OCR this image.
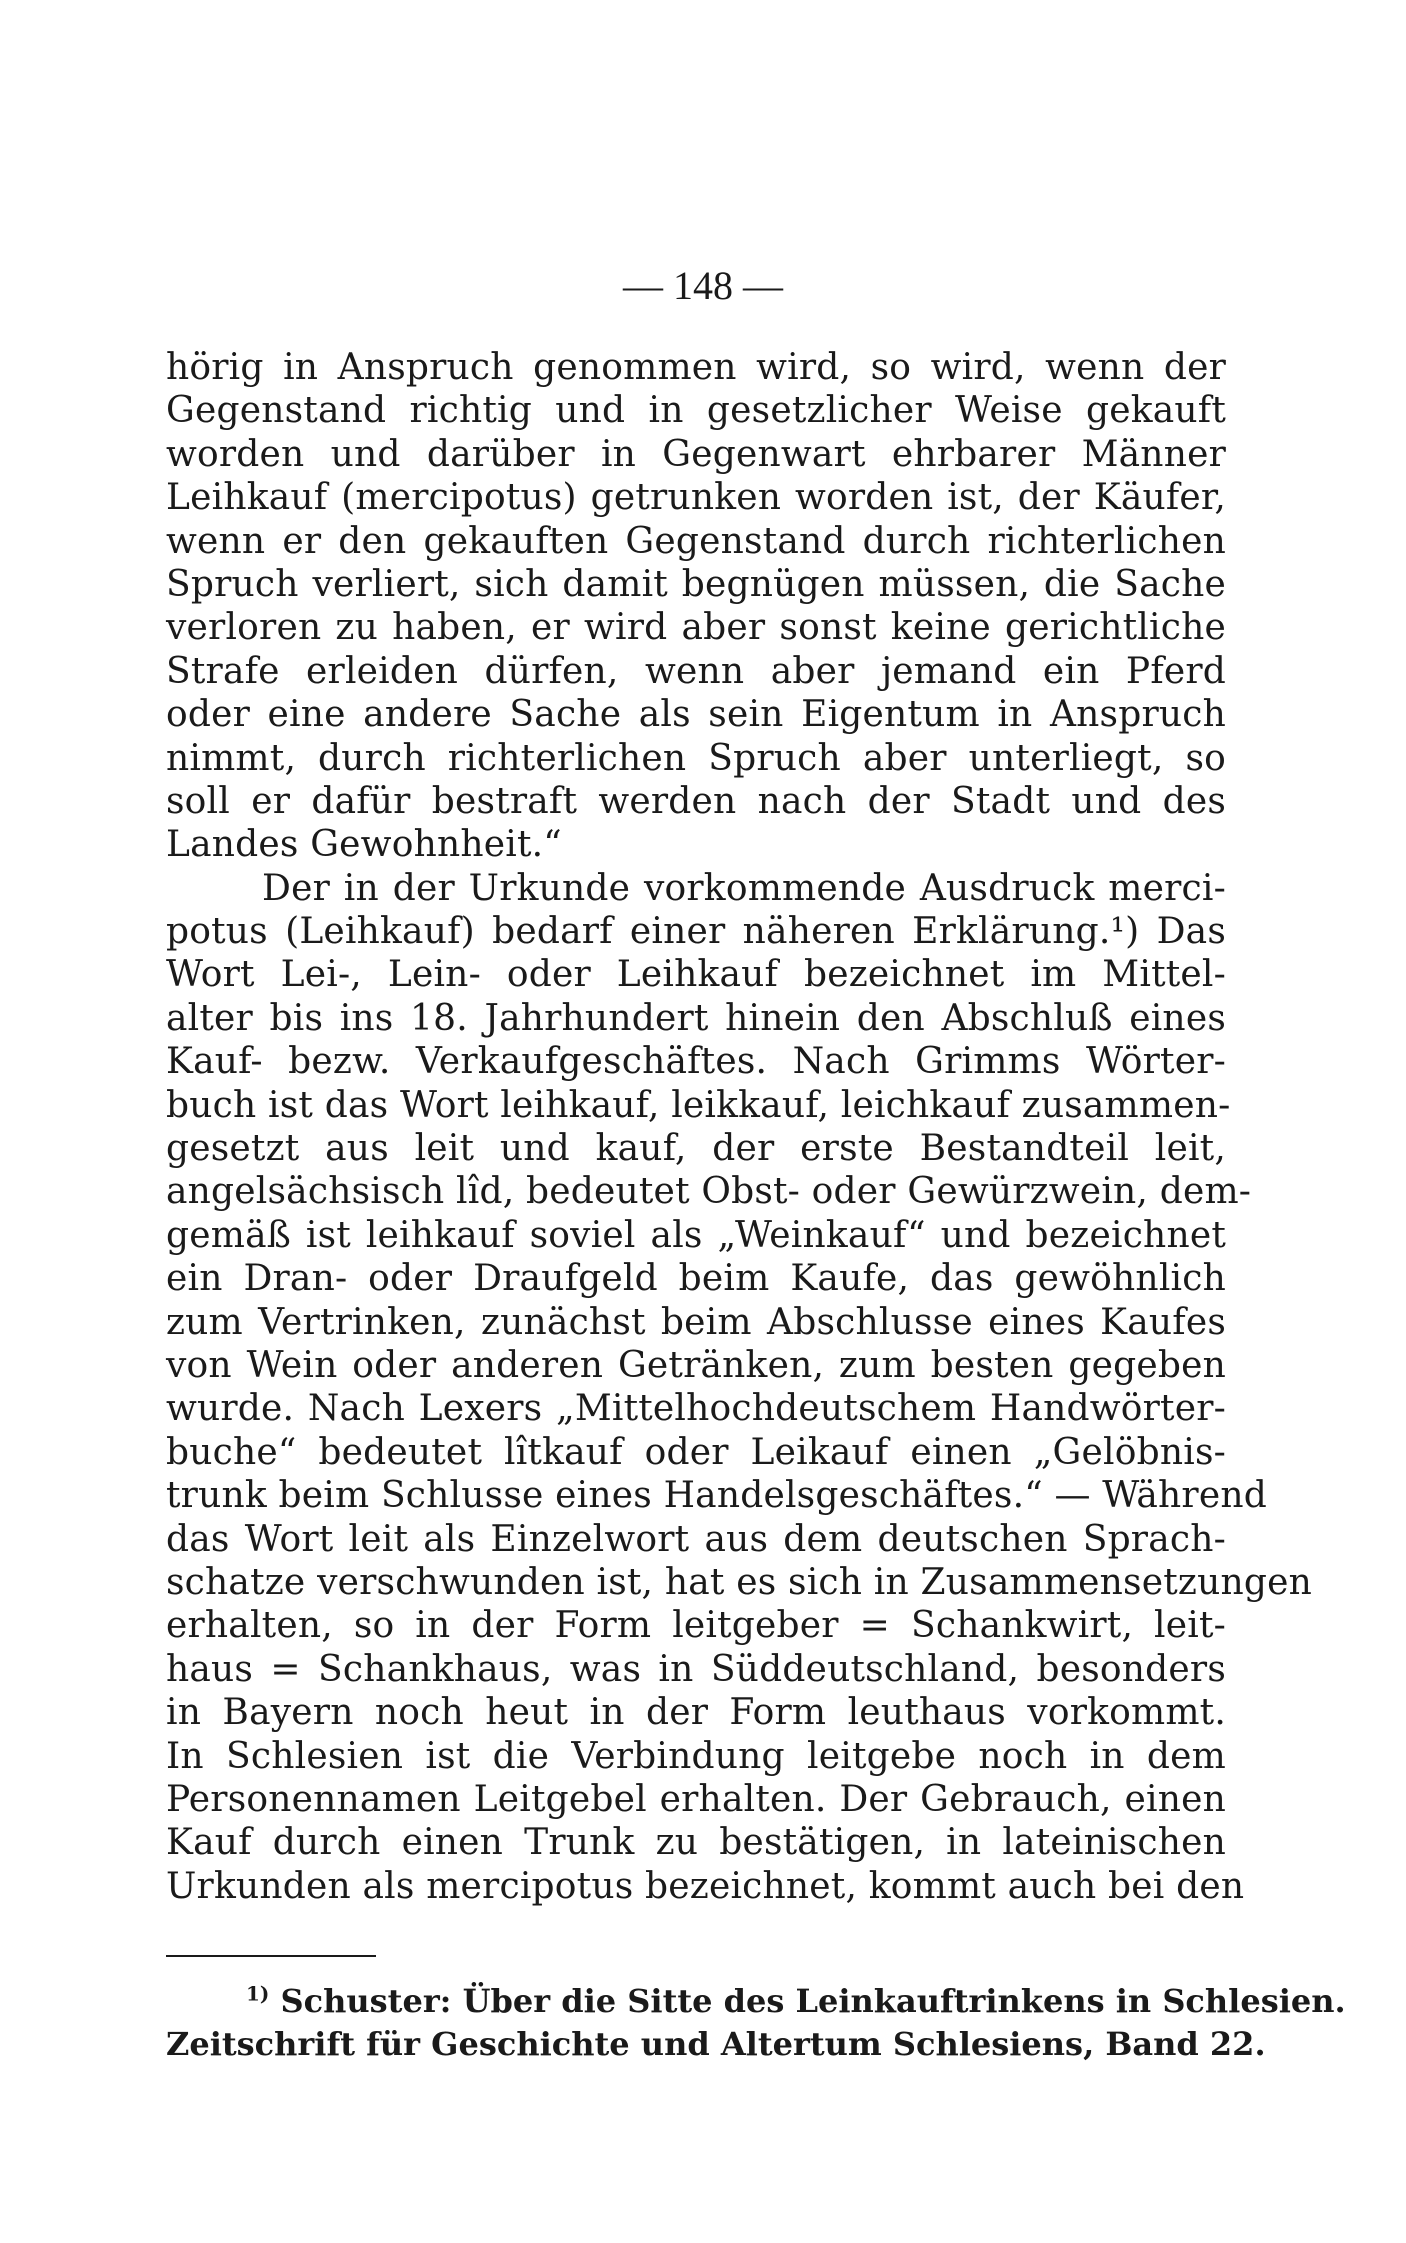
— 148 —
hörig in Anspruch genommen wird, so wird, wenn der
Gegenstand richtig und in gesetzlicher Weise gekauft
worden und darüber in Gegenwart ehrbarer Männer
Leihkauf (mercipotus) getrunken worden ist, der Käufer,
wenn er den gekauften Gegenstand durch richterlichen
Spruch verliert, sich damit begnügen müssen, die Sache
verloren zu haben, er wird aber sonst keine gerichtliche
Strafe erleiden dürfen, wenn aber jemand ein Pferd
oder eine andere Sache als sein Eigentum in Anspruch
nimmt, durch richterlichen Spruch aber unterliegt, so
soll er dafür bestraft werden nach der Stadt und des
Landes Gewohnheit.“
Der in der Urkunde vorkommende Ausdruck merci-
potus (Leihkauf) bedarf einer näheren Erklärung.¹) Das
Wort Lei-, Lein- oder Leihkauf bezeichnet im Mittel-
alter bis ins 18. Jahrhundert hinein den Abschluß eines
Kauf- bezw. Verkaufgeschäftes. Nach Grimms Wörter-
buch ist das Wort leihkauf, leikkauf, leichkauf zusammen-
gesetzt aus leit und kauf, der erste Bestandteil leit,
angelsächsisch lîd, bedeutet Obst- oder Gewürzwein, dem-
gemäß ist leihkauf soviel als „Weinkauf“ und bezeichnet
ein Dran- oder Draufgeld beim Kaufe, das gewöhnlich
zum Vertrinken, zunächst beim Abschlusse eines Kaufes
von Wein oder anderen Getränken, zum besten gegeben
wurde. Nach Lexers „Mittelhochdeutschem Handwörter-
buche“ bedeutet lîtkauf oder Leikauf einen „Gelöbnis-
trunk beim Schlusse eines Handelsgeschäftes.“ — Während
das Wort leit als Einzelwort aus dem deutschen Sprach-
schatze verschwunden ist, hat es sich in Zusammensetzungen
erhalten, so in der Form leitgeber = Schankwirt, leit-
haus = Schankhaus, was in Süddeutschland, besonders
in Bayern noch heut in der Form leuthaus vorkommt.
In Schlesien ist die Verbindung leitgebe noch in dem
Personennamen Leitgebel erhalten. Der Gebrauch, einen
Kauf durch einen Trunk zu bestätigen, in lateinischen
Urkunden als mercipotus bezeichnet, kommt auch bei den
$^{1)}$ Schuster: Über die Sitte des Leinkauftrinkens in Schlesien.
Zeitschrift für Geschichte und Altertum Schlesiens, Band 22.
